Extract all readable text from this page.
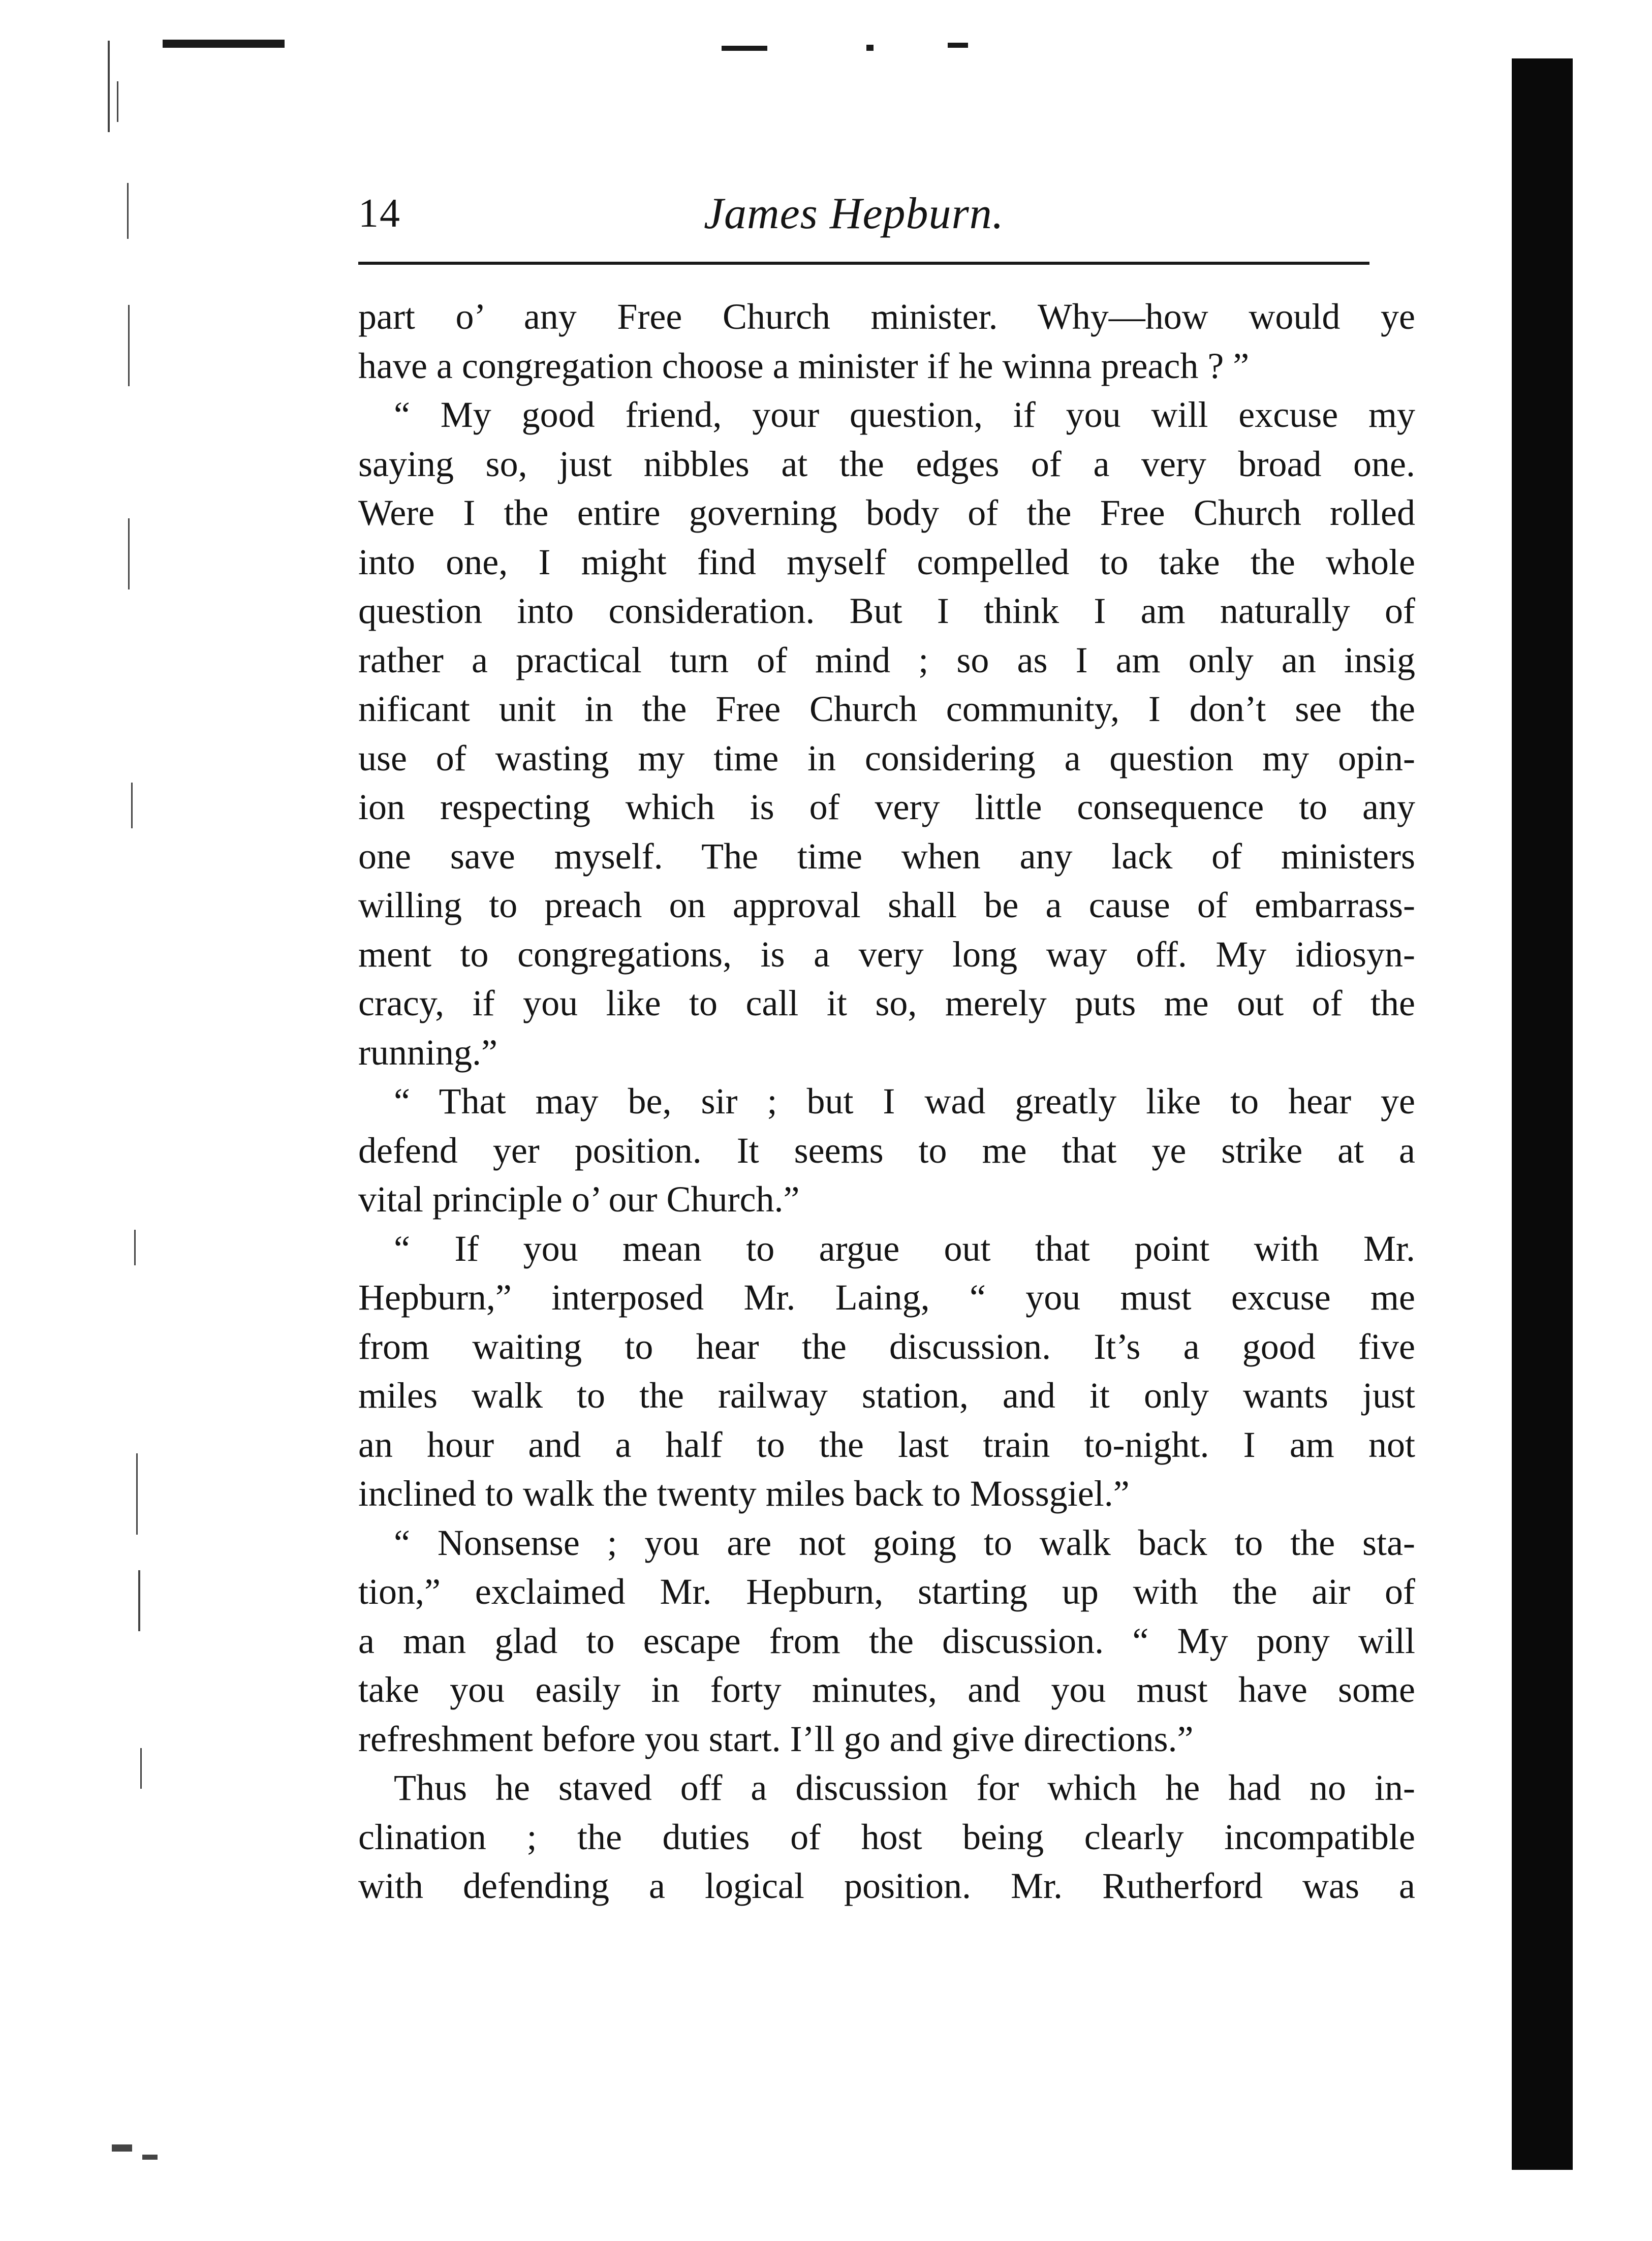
14	James Hepburn.
part o’ any Free Church minister. Why—how would ye
have a congregation choose a minister if he winna preach ? ”
“ My good friend, your question, if you will excuse my
saying so, just nibbles at the edges of a very broad one.
Were I the entire governing body of the Free Church rolled
into one, I might find myself compelled to take the whole
question into consideration. But I think I am naturally of
rather a practical turn of mind ; so as I am only an insig
nificant unit in the Free Church community, I don’t see the
use of wasting my time in considering a question my opin-
ion respecting which is of very little consequence to any
one save myself. The time when any lack of ministers
willing to preach on approval shall be a cause of embarrass-
ment to congregations, is a very long way off. My idiosyn-
cracy, if you like to call it so, merely puts me out of the
running.”
“ That may be, sir ; but I wad greatly like to hear ye
defend yer position. It seems to me that ye strike at a
vital principle o’ our Church.”
“ If you mean to argue out that point with Mr.
Hepburn,” interposed Mr. Laing, “ you must excuse me
from waiting to hear the discussion. It’s a good five
miles walk to the railway station, and it only wants just
an hour and a half to the last train to-night. I am not
inclined to walk the twenty miles back to Mossgiel.”
“ Nonsense ; you are not going to walk back to the sta-
tion,” exclaimed Mr. Hepburn, starting up with the air of
a man glad to escape from the discussion. “ My pony will
take you easily in forty minutes, and you must have some
refreshment before you start. I’ll go and give directions.”
Thus he staved off a discussion for which he had no in-
clination ; the duties of host being clearly incompatible
with defending a logical position. Mr. Rutherford was a
